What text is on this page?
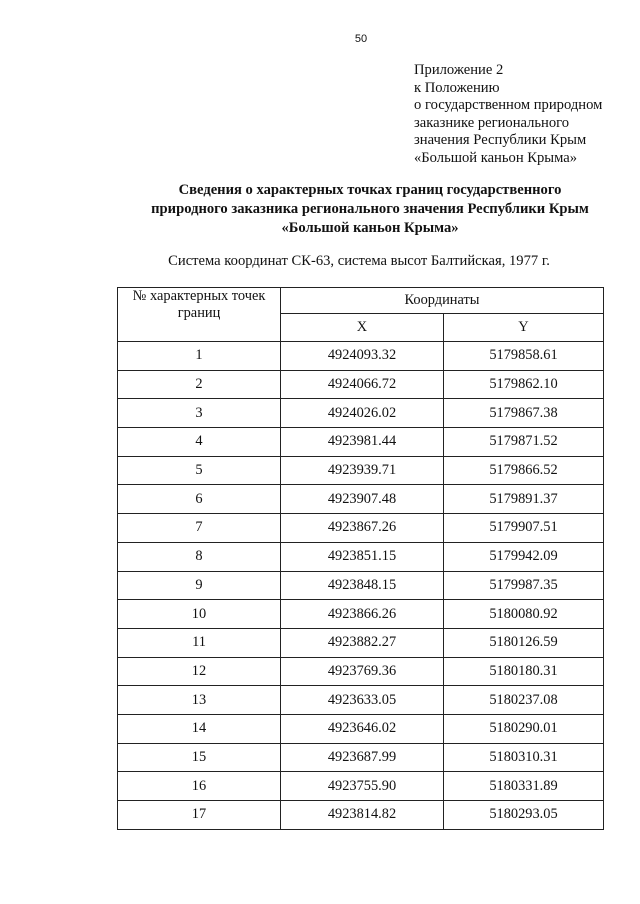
50
Приложение 2
к Положению
о государственном природном
заказнике регионального
значения Республики Крым
«Большой каньон Крыма»
Сведения о характерных точках границ государственного
природного заказника регионального значения Республики Крым
«Большой каньон Крыма»
Система координат СК-63, система высот Балтийская, 1977 г.
№ характерных точек границ	Координаты	
	X	Y
1	4924093.32	5179858.61
2	4924066.72	5179862.10
3	4924026.02	5179867.38
4	4923981.44	5179871.52
5	4923939.71	5179866.52
6	4923907.48	5179891.37
7	4923867.26	5179907.51
8	4923851.15	5179942.09
9	4923848.15	5179987.35
10	4923866.26	5180080.92
11	4923882.27	5180126.59
12	4923769.36	5180180.31
13	4923633.05	5180237.08
14	4923646.02	5180290.01
15	4923687.99	5180310.31
16	4923755.90	5180331.89
17	4923814.82	5180293.05
